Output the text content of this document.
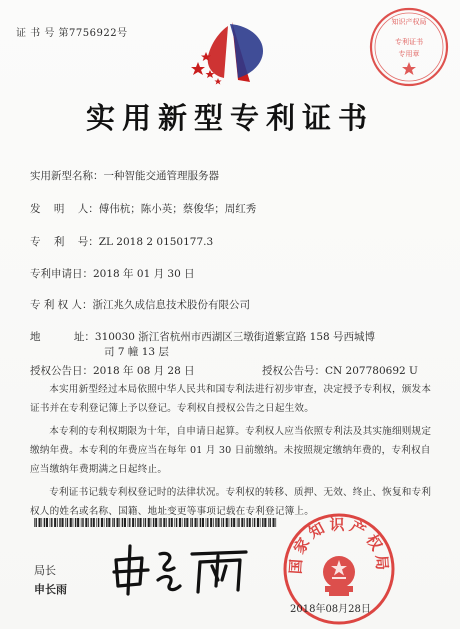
证 书 号 第7756922号
知识产权局
专利证书
专用章
实用新型专利证书
实用新型名称：一种智能交通管理服务器
发    明    人：傅伟杭；陈小英；蔡俊华；周红秀
专    利    号：ZL 2018 2 0150177.3
专利申请日：2018 年 01 月 30 日
专 利 权 人：浙江兆久成信息技术股份有限公司
地          址：310030 浙江省杭州市西湖区三墩街道紫宣路 158 号西城博
司 7 幢 13 层
授权公告日：2018 年 08 月 28 日	授权公告号：CN 207780692 U

本实用新型经过本局依照中华人民共和国专利法进行初步审查，决定授予专利权，颁发本证书并在专利登记簿上予以登记。专利权自授权公告之日起生效。

本专利的专利权期限为十年，自申请日起算。专利权人应当依照专利法及其实施细则规定缴纳年费。本专利的年费应当在每年 01 月 30 日前缴纳。未按照规定缴纳年费的，专利权自应当缴纳年费期满之日起终止。

专利证书记载专利权登记时的法律状况。专利权的转移、质押、无效、终止、恢复和专利权人的姓名或名称、国籍、地址变更等事项记载在专利登记簿上。

局长
申长雨
国家知识产权局
2018年08月28日
